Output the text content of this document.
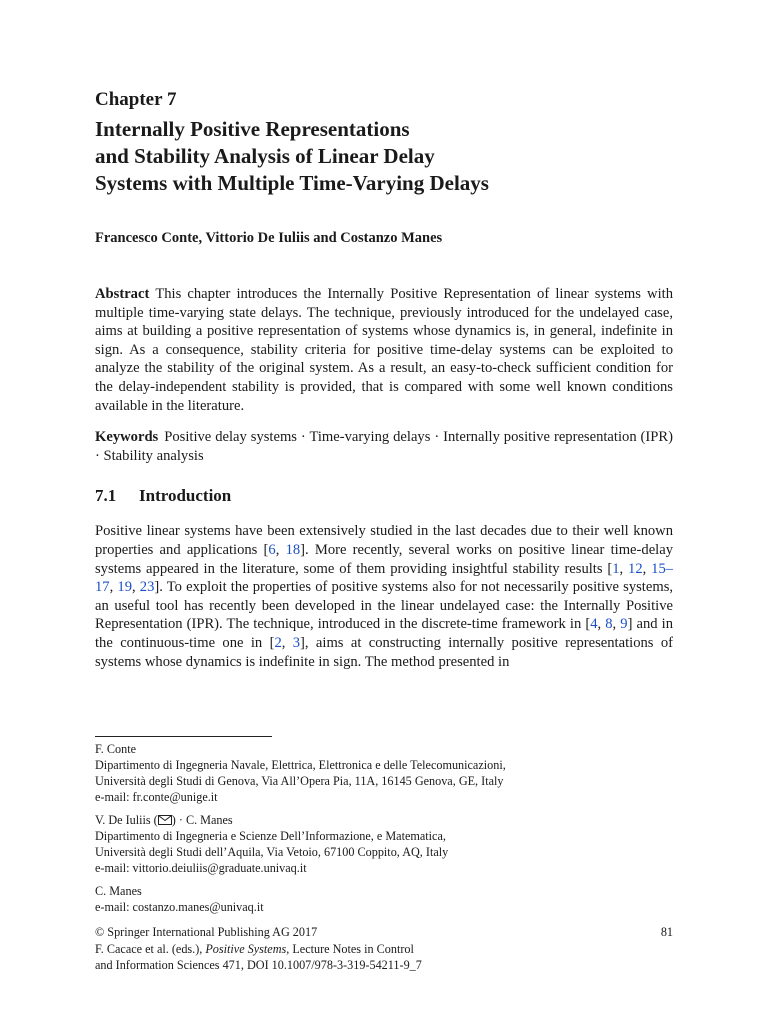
Chapter 7
Internally Positive Representations
and Stability Analysis of Linear Delay
Systems with Multiple Time-Varying Delays
Francesco Conte, Vittorio De Iuliis and Costanzo Manes
Abstract This chapter introduces the Internally Positive Representation of linear systems with multiple time-varying state delays. The technique, previously introduced for the undelayed case, aims at building a positive representation of systems whose dynamics is, in general, indefinite in sign. As a consequence, stability criteria for positive time-delay systems can be exploited to analyze the stability of the original system. As a result, an easy-to-check sufficient condition for the delay-independent stability is provided, that is compared with some well known conditions available in the literature.
Keywords Positive delay systems · Time-varying delays · Internally positive representation (IPR) · Stability analysis
7.1 Introduction
Positive linear systems have been extensively studied in the last decades due to their well known properties and applications [6, 18]. More recently, several works on positive linear time-delay systems appeared in the literature, some of them providing insightful stability results [1, 12, 15–17, 19, 23]. To exploit the properties of positive systems also for not necessarily positive systems, an useful tool has recently been developed in the linear undelayed case: the Internally Positive Representation (IPR). The technique, introduced in the discrete-time framework in [4, 8, 9] and in the continuous-time one in [2, 3], aims at constructing internally positive representations of systems whose dynamics is indefinite in sign. The method presented in
F. Conte
Dipartimento di Ingegneria Navale, Elettrica, Elettronica e delle Telecomunicazioni,
Università degli Studi di Genova, Via All’Opera Pia, 11A, 16145 Genova, GE, Italy
e-mail: fr.conte@unige.it
V. De Iuliis ( ) · C. Manes
Dipartimento di Ingegneria e Scienze Dell’Informazione, e Matematica,
Università degli Studi dell’Aquila, Via Vetoio, 67100 Coppito, AQ, Italy
e-mail: vittorio.deiuliis@graduate.univaq.it
C. Manes
e-mail: costanzo.manes@univaq.it
© Springer International Publishing AG 2017	81
F. Cacace et al. (eds.), Positive Systems, Lecture Notes in Control
and Information Sciences 471, DOI 10.1007/978-3-319-54211-9_7
